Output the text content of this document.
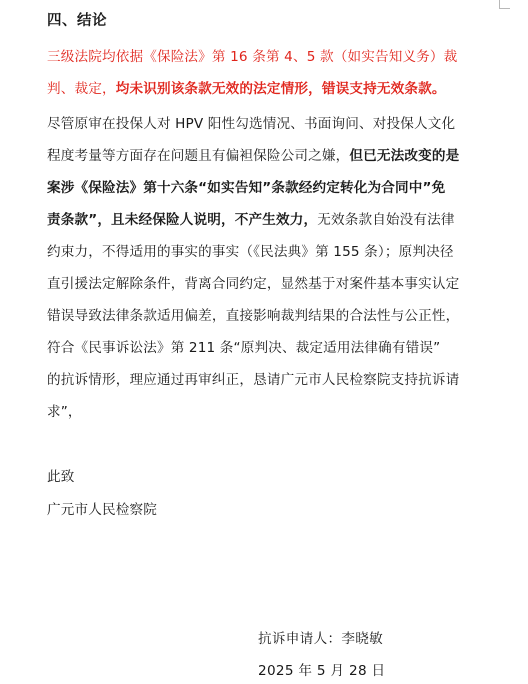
四、结论
三级法院均依据《保险法》第 16 条第 4、5 款（如实告知义务）裁
判、裁定，均未识别该条款无效的法定情形，错误支持无效条款。
尽管原审在投保人对 HPV 阳性勾选情况、书面询问、对投保人文化
程度考量等方面存在问题且有偏袒保险公司之嫌，但已无法改变的是
案涉《保险法》第十六条“如实告知”条款经约定转化为合同中”免
责条款”，且未经保险人说明，不产生效力，无效条款自始没有法律
约束力，不得适用的事实的事实（《民法典》第 155 条）；原判决径
直引援法定解除条件，背离合同约定，显然基于对案件基本事实认定
错误导致法律条款适用偏差，直接影响裁判结果的合法性与公正性，
符合《民事诉讼法》第 211 条“原判决、裁定适用法律确有错误”
的抗诉情形，理应通过再审纠正，恳请广元市人民检察院支持抗诉请
求”，
此致
广元市人民检察院
抗诉申请人：李晓敏
2025 年 5 月 28 日
